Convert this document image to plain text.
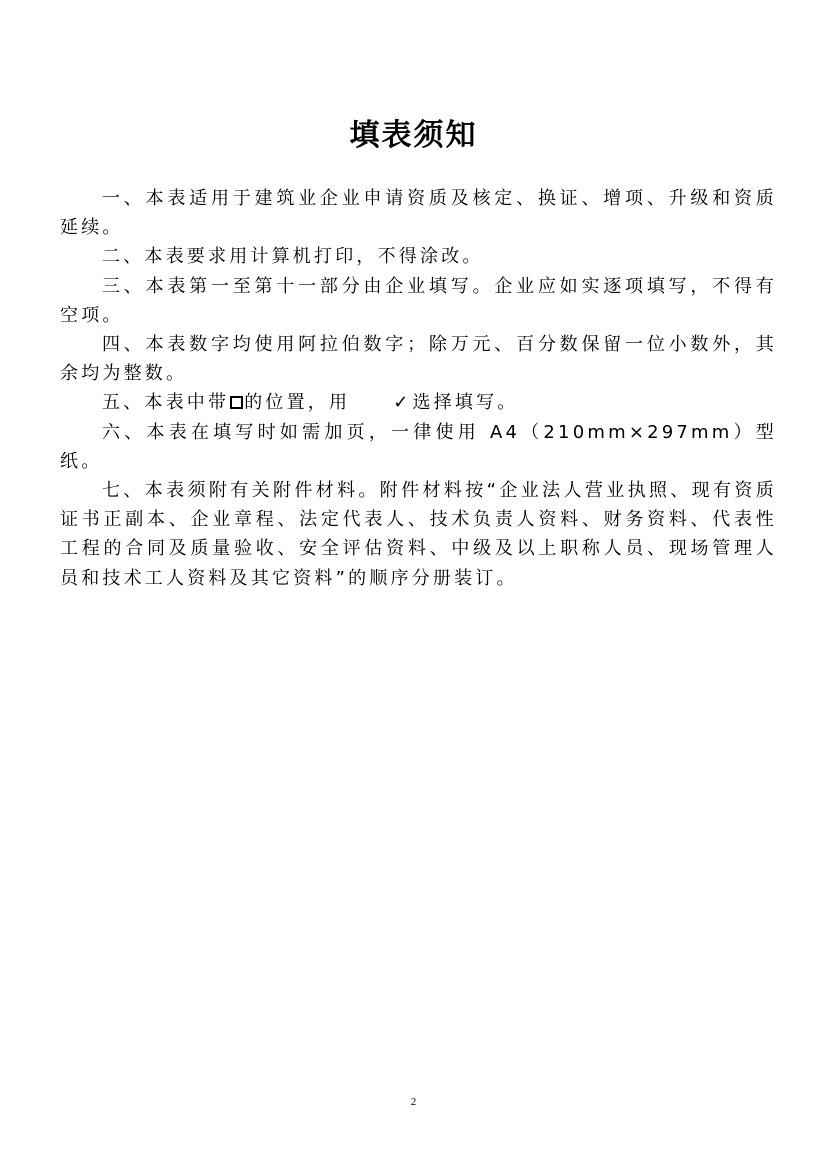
填表须知

一、本表适用于建筑业企业申请资质及核定、换证、增项、升级和资质延续。

二、本表要求用计算机打印，不得涂改。

三、本表第一至第十一部分由企业填写。企业应如实逐项填写，不得有空项。

四、本表数字均使用阿拉伯数字；除万元、百分数保留一位小数外，其余均为整数。

五、本表中带 的位置，用 ✓选择填写。

六、本表在填写时如需加页，一律使用 A4（210mm×297mm）型纸。

七、本表须附有关附件材料。附件材料按“企业法人营业执照、现有资质证书正副本、企业章程、法定代表人、技术负责人资料、财务资料、代表性工程的合同及质量验收、安全评估资料、中级及以上职称人员、现场管理人员和技术工人资料及其它资料”的顺序分册装订。

2
